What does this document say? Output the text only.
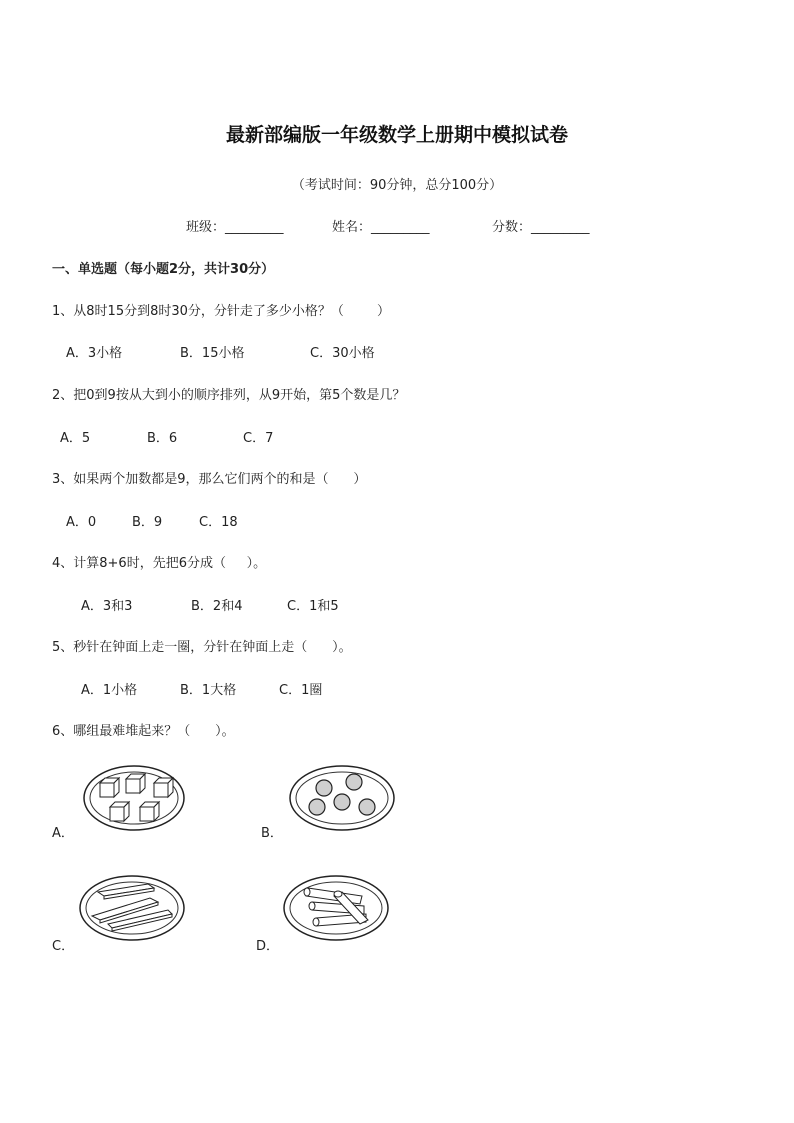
最新部编版一年级数学上册期中模拟试卷
（考试时间：90分钟，总分100分）
班级：_________	姓名：_________	分数：_________
一、单选题（每小题2分，共计30分）
1、从8时15分到8时30分，分针走了多少小格？（        ）
A．3小格	B．15小格	C．30小格
2、把0到9按从大到小的顺序排列，从9开始，第5个数是几？
A．5	B．6	C．7
3、如果两个加数都是9，那么它们两个的和是（      ）
A．0	B．9	C．18
4、计算8+6时，先把6分成（     ）。
A．3和3	B．2和4	C．1和5
5、秒针在钟面上走一圈，分针在钟面上走（      ）。
A．1小格	B．1大格	C．1圈
6、哪组最难堆起来？（      ）。
A．	B．
C．	D．
